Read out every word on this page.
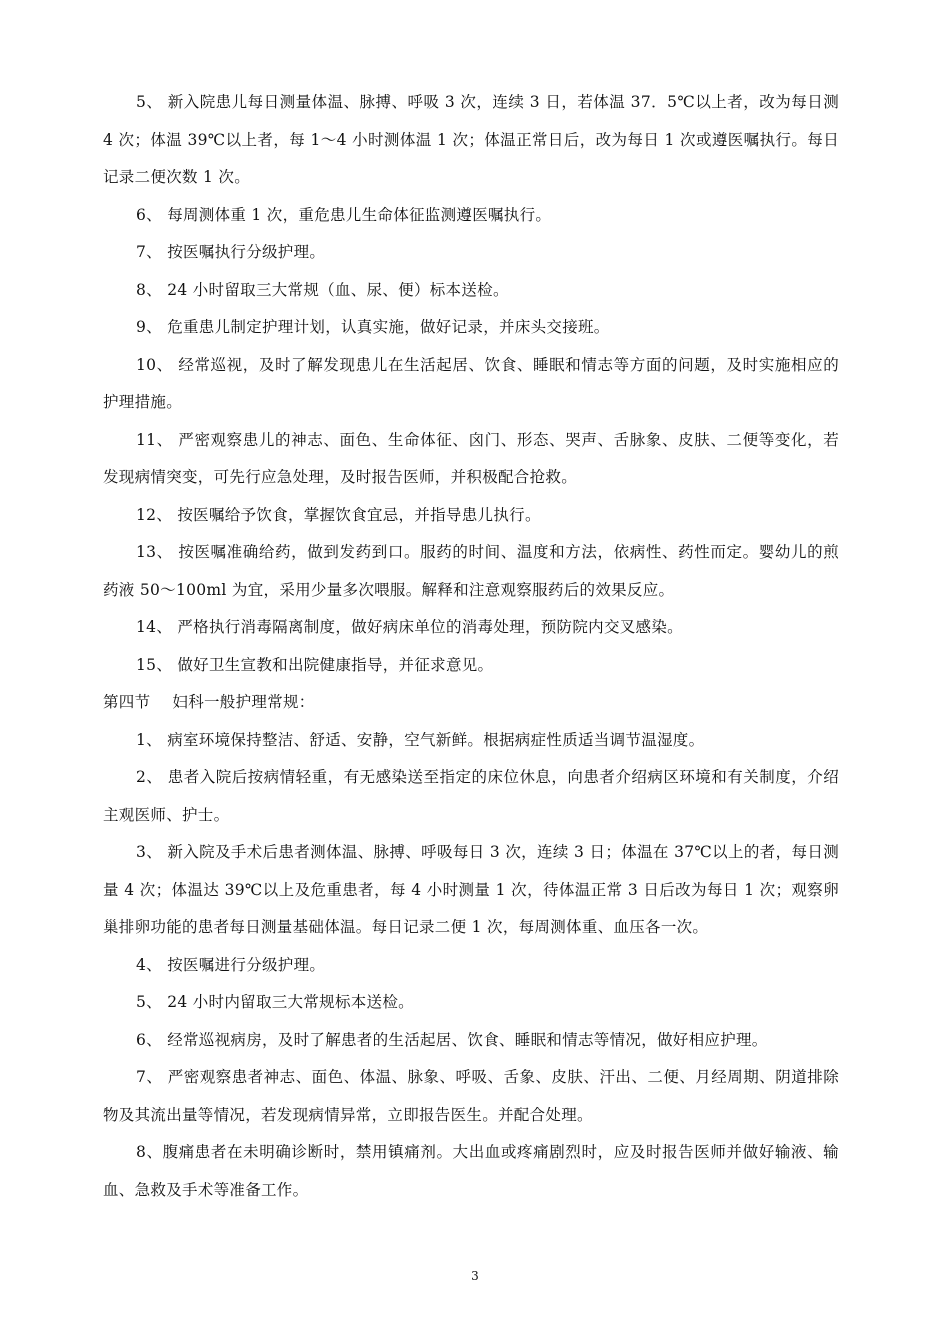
5、 新入院患儿每日测量体温、脉搏、呼吸 3 次，连续 3 日，若体温 37．5℃以上者，改为每日测 4 次；体温 39℃以上者，每 1～4 小时测体温 1 次；体温正常日后，改为每日 1 次或遵医嘱执行。每日记录二便次数 1 次。

6、 每周测体重 1 次，重危患儿生命体征监测遵医嘱执行。

7、 按医嘱执行分级护理。

8、 24 小时留取三大常规（血、尿、便）标本送检。

9、 危重患儿制定护理计划，认真实施，做好记录，并床头交接班。

10、 经常巡视，及时了解发现患儿在生活起居、饮食、睡眠和情志等方面的问题，及时实施相应的护理措施。

11、 严密观察患儿的神志、面色、生命体征、囟门、形态、哭声、舌脉象、皮肤、二便等变化，若发现病情突变，可先行应急处理，及时报告医师，并积极配合抢救。

12、 按医嘱给予饮食，掌握饮食宜忌，并指导患儿执行。

13、 按医嘱准确给药，做到发药到口。服药的时间、温度和方法，依病性、药性而定。婴幼儿的煎药液 50～100ml 为宜，采用少量多次喂服。解释和注意观察服药后的效果反应。

14、 严格执行消毒隔离制度，做好病床单位的消毒处理，预防院内交叉感染。

15、 做好卫生宣教和出院健康指导，并征求意见。

第四节 妇科一般护理常规：

1、 病室环境保持整洁、舒适、安静，空气新鲜。根据病症性质适当调节温湿度。

2、 患者入院后按病情轻重，有无感染送至指定的床位休息，向患者介绍病区环境和有关制度，介绍主观医师、护士。

3、 新入院及手术后患者测体温、脉搏、呼吸每日 3 次，连续 3 日；体温在 37℃以上的者，每日测量 4 次；体温达 39℃以上及危重患者，每 4 小时测量 1 次，待体温正常 3 日后改为每日 1 次；观察卵巢排卵功能的患者每日测量基础体温。每日记录二便 1 次，每周测体重、血压各一次。

4、 按医嘱进行分级护理。

5、 24 小时内留取三大常规标本送检。

6、 经常巡视病房，及时了解患者的生活起居、饮食、睡眠和情志等情况，做好相应护理。

7、 严密观察患者神志、面色、体温、脉象、呼吸、舌象、皮肤、汗出、二便、月经周期、阴道排除物及其流出量等情况，若发现病情异常，立即报告医生。并配合处理。

8、腹痛患者在未明确诊断时，禁用镇痛剂。大出血或疼痛剧烈时，应及时报告医师并做好输液、输血、急救及手术等准备工作。

3
